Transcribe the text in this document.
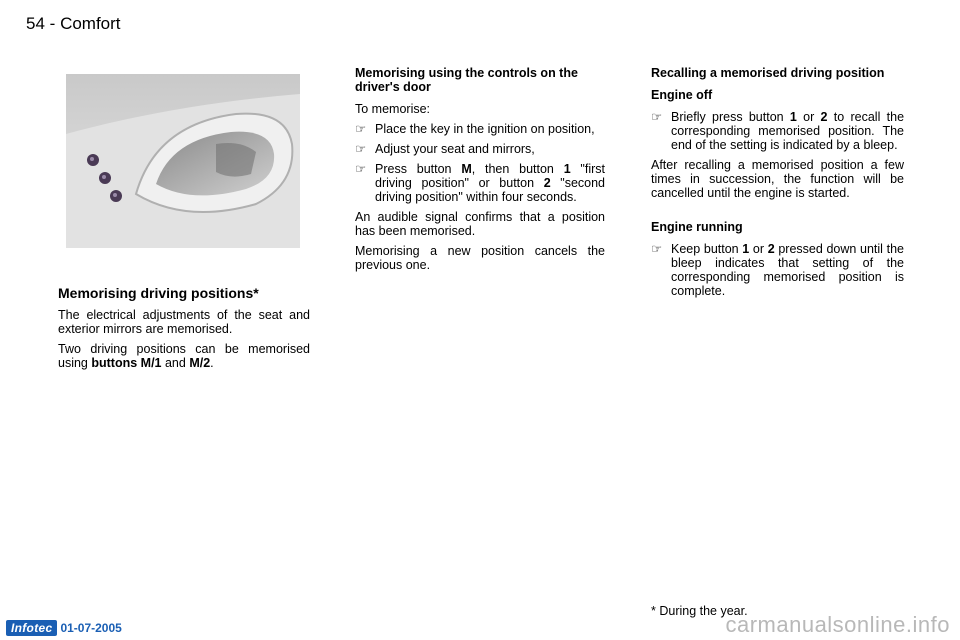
54 - Comfort
Memorising driving positions*

The electrical adjustments of the seat and exterior mirrors are memorised.

Two driving positions can be memorised using buttons M/1 and M/2.

Memorising using the controls on the driver's door

To memorise:

☞ Place the key in the ignition on position,
☞ Adjust your seat and mirrors,
☞ Press button M, then button 1 "first driving position" or button 2 "second driving position" within four seconds.

An audible signal confirms that a position has been memorised.

Memorising a new position cancels the previous one.

Recalling a memorised driving position
Engine off
☞ Briefly press button 1 or 2 to recall the corresponding memorised position. The end of the setting is indicated by a bleep.

After recalling a memorised position a few times in succession, the function will be cancelled until the engine is started.

Engine running
☞ Keep button 1 or 2 pressed down until the bleep indicates that setting of the corresponding memorised position is complete.
* During the year.
Infotec 01-07-2005	carmanualsonline.info
